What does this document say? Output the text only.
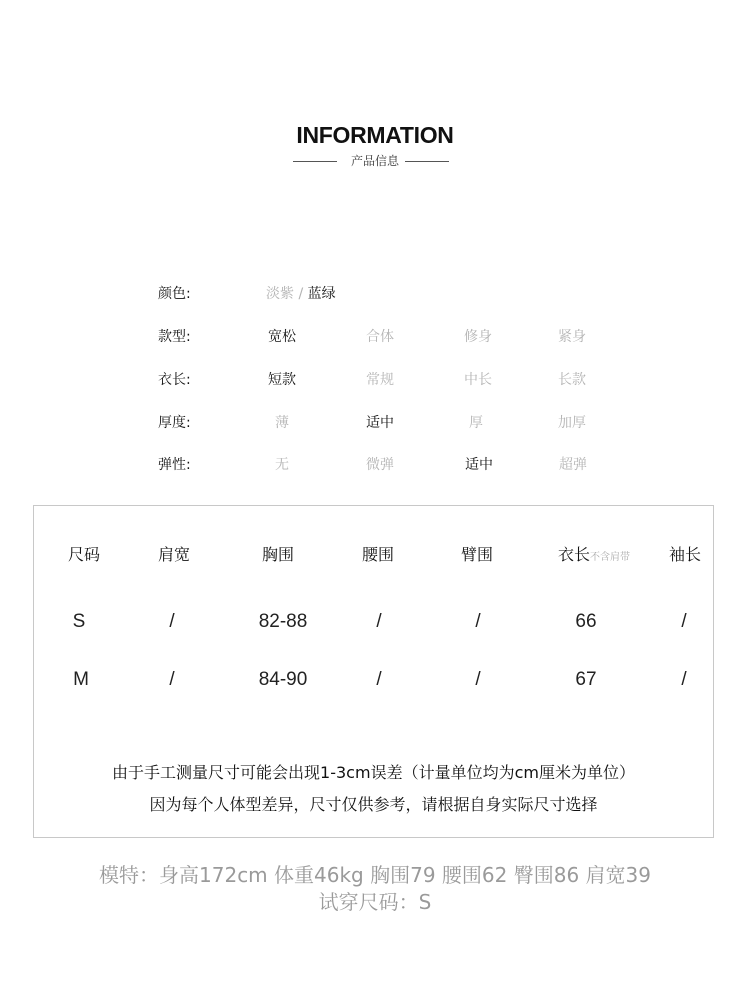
INFORMATION
产品信息
颜色:	淡紫 / 蓝绿
款型:	宽松	合体	修身	紧身
衣长:	短款	常规	中长	长款
厚度:	薄	适中	厚	加厚
弹性:	无	微弹	适中	超弹
尺码	肩宽	胸围	腰围	臂围	衣长不含肩带	袖长
S	/	82-88	/	/	66	/
M	/	84-90	/	/	67	/
由于手工测量尺寸可能会出现1-3cm误差（计量单位均为cm厘米为单位）
因为每个人体型差异，尺寸仅供参考，请根据自身实际尺寸选择
模特：身高172cm 体重46kg 胸围79 腰围62 臀围86 肩宽39
试穿尺码：S
